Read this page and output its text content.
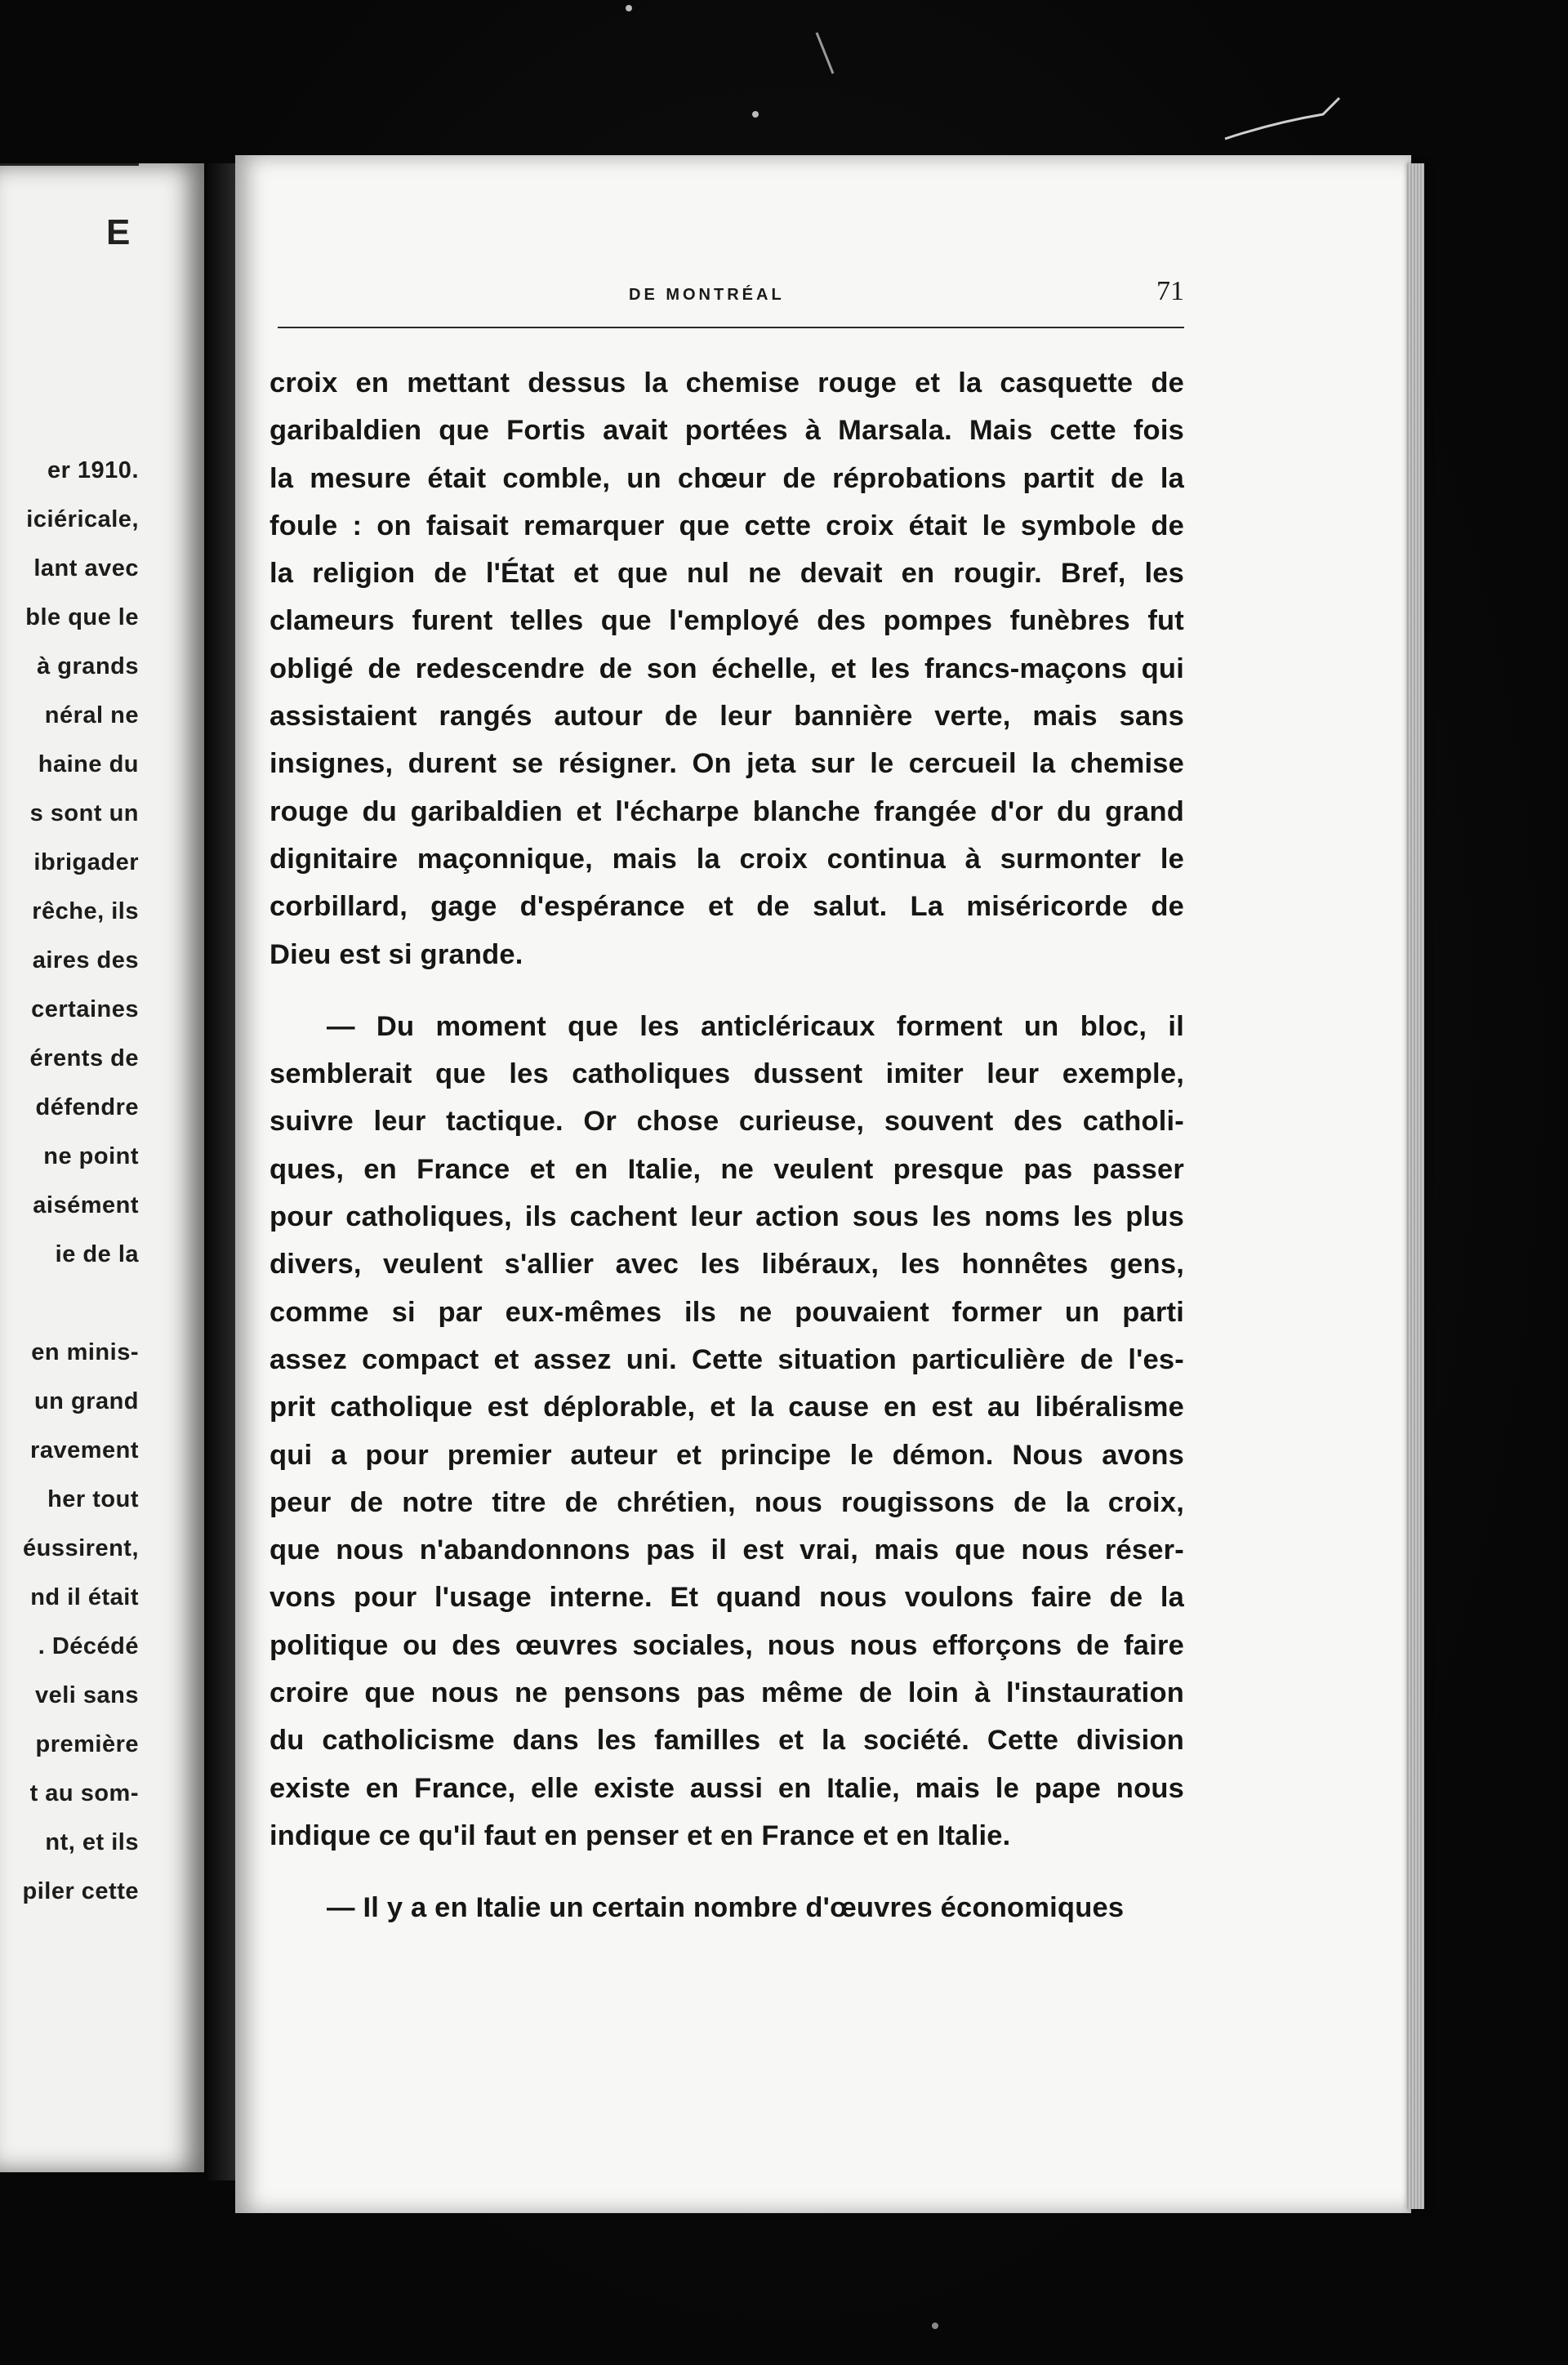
E
er 1910.
iciéricale,
lant avec
ble que le
à grands
néral ne
haine du
s sont un
ibrigader
rêche, ils
aires des
certaines
érents de
défendre
ne point
aisément
ie de la
en minis-
un grand
ravement
her tout
éussirent,
nd il était
. Décédé
veli sans
première
t au som-
nt, et ils
piler cette
DE MONTRÉAL	71
croix en mettant dessus la chemise rouge et la casquette de
garibaldien que Fortis avait portées à Marsala. Mais cette fois
la mesure était comble, un chœur de réprobations partit de la
foule : on faisait remarquer que cette croix était le symbole de
la religion de l'État et que nul ne devait en rougir. Bref, les
clameurs furent telles que l'employé des pompes funèbres fut
obligé de redescendre de son échelle, et les francs-maçons qui
assistaient rangés autour de leur bannière verte, mais sans
insignes, durent se résigner. On jeta sur le cercueil la chemise
rouge du garibaldien et l'écharpe blanche frangée d'or du grand
dignitaire maçonnique, mais la croix continua à surmonter le
corbillard, gage d'espérance et de salut. La miséricorde de
Dieu est si grande.
— Du moment que les anticléricaux forment un bloc, il
semblerait que les catholiques dussent imiter leur exemple,
suivre leur tactique. Or chose curieuse, souvent des catholi-
ques, en France et en Italie, ne veulent presque pas passer
pour catholiques, ils cachent leur action sous les noms les plus
divers, veulent s'allier avec les libéraux, les honnêtes gens,
comme si par eux-mêmes ils ne pouvaient former un parti
assez compact et assez uni. Cette situation particulière de l'es-
prit catholique est déplorable, et la cause en est au libéralisme
qui a pour premier auteur et principe le démon. Nous avons
peur de notre titre de chrétien, nous rougissons de la croix,
que nous n'abandonnons pas il est vrai, mais que nous réser-
vons pour l'usage interne. Et quand nous voulons faire de la
politique ou des œuvres sociales, nous nous efforçons de faire
croire que nous ne pensons pas même de loin à l'instauration
du catholicisme dans les familles et la société. Cette division
existe en France, elle existe aussi en Italie, mais le pape nous
indique ce qu'il faut en penser et en France et en Italie.
— Il y a en Italie un certain nombre d'œuvres économiques
